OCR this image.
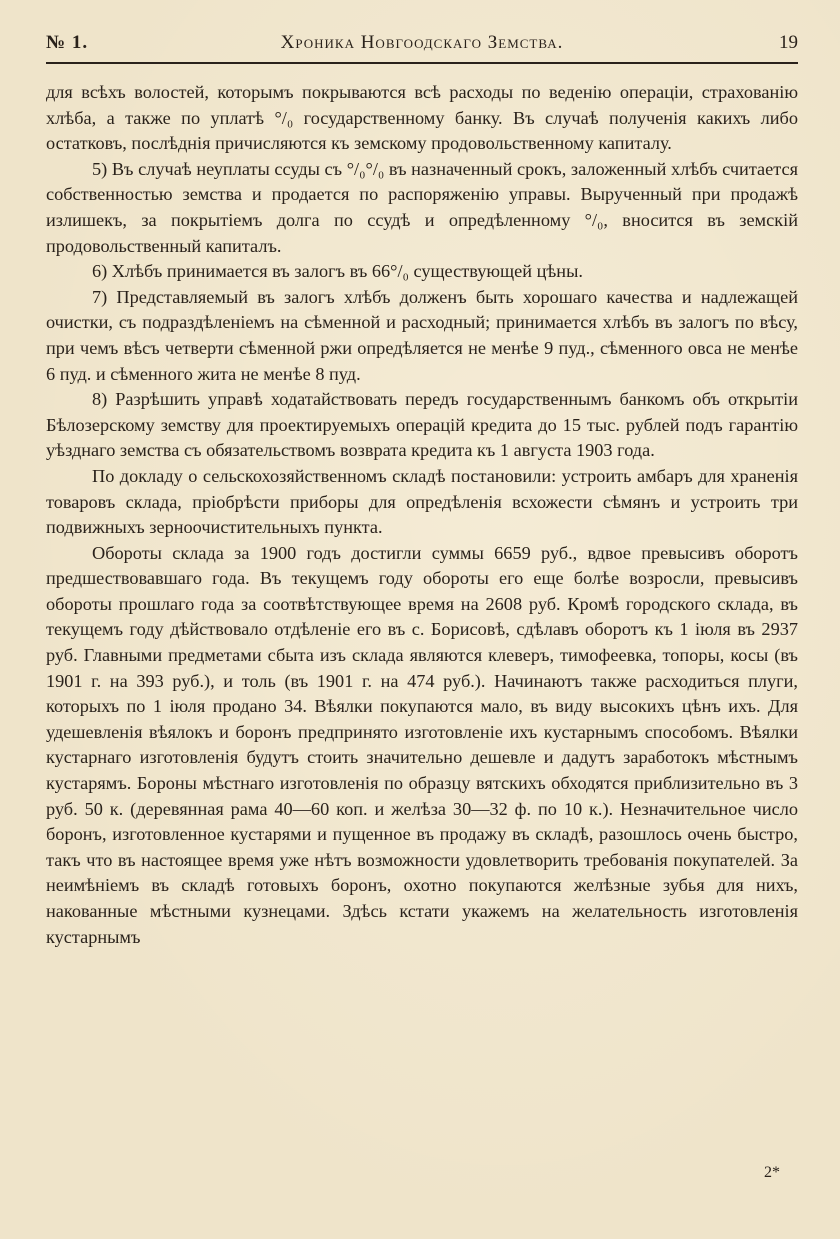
№ 1.	Хроника Новгоодскаго Земства.	19

для всѣхъ волостей, которымъ покрываются всѣ расходы по веденію операціи, страхованію хлѣба, а также по уплатѣ °/₀ государственному банку. Въ случаѣ полученія какихъ либо остатковъ, послѣднія причисляются къ земскому продовольственному капиталу.

5) Въ случаѣ неуплаты ссуды съ °/₀°/₀ въ назначенный срокъ, заложенный хлѣбъ считается собственностью земства и продается по распоряженію управы. Вырученный при продажѣ излишекъ, за покрытіемъ долга по ссудѣ и опредѣленному °/₀, вносится въ земскій продовольственный капиталъ.

6) Хлѣбъ принимается въ залогъ въ 66°/₀ существующей цѣны.

7) Представляемый въ залогъ хлѣбъ долженъ быть хорошаго качества и надлежащей очистки, съ подраздѣленіемъ на сѣменной и расходный; принимается хлѣбъ въ залогъ по вѣсу, при чемъ вѣсъ четверти сѣменной ржи опредѣляется не менѣе 9 пуд., сѣменного овса не менѣе 6 пуд. и сѣменного жита не менѣе 8 пуд.

8) Разрѣшить управѣ ходатайствовать передъ государственнымъ банкомъ объ открытіи Бѣлозерскому земству для проектируемыхъ операцій кредита до 15 тыс. рублей подъ гарантію уѣзднаго земства съ обязательствомъ возврата кредита къ 1 августа 1903 года.

По докладу о сельскохозяйственномъ складѣ постановили: устроить амбаръ для храненія товаровъ склада, пріобрѣсти приборы для опредѣленія всхожести сѣмянъ и устроить три подвижныхъ зерноочистительныхъ пункта.

Обороты склада за 1900 годъ достигли суммы 6659 руб., вдвое превысивъ оборотъ предшествовавшаго года. Въ текущемъ году обороты его еще болѣе возросли, превысивъ обороты прошлаго года за соотвѣтствующее время на 2608 руб. Кромѣ городского склада, въ текущемъ году дѣйствовало отдѣленіе его въ с. Борисовѣ, сдѣлавъ оборотъ къ 1 іюля въ 2937 руб. Главными предметами сбыта изъ склада являются клеверъ, тимофеевка, топоры, косы (въ 1901 г. на 393 руб.), и толь (въ 1901 г. на 474 руб.). Начинаютъ также расходиться плуги, которыхъ по 1 іюля продано 34. Вѣялки покупаются мало, въ виду высокихъ цѣнъ ихъ. Для удешевленія вѣялокъ и боронъ предпринято изготовленіе ихъ кустарнымъ способомъ. Вѣялки кустарнаго изготовленія будутъ стоить значительно дешевле и дадутъ заработокъ мѣстнымъ кустарямъ. Бороны мѣстнаго изготовленія по образцу вятскихъ обходятся приблизительно въ 3 руб. 50 к. (деревянная рама 40—60 коп. и желѣза 30—32 ф. по 10 к.). Незначительное число боронъ, изготовленное кустарями и пущенное въ продажу въ складѣ, разошлось очень быстро, такъ что въ настоящее время уже нѣтъ возможности удовлетворить требованія покупателей. За неимѣніемъ въ складѣ готовыхъ боронъ, охотно покупаются желѣзные зубья для нихъ, накованные мѣстными кузнецами. Здѣсь кстати укажемъ на желательность изготовленія кустарнымъ

2*
